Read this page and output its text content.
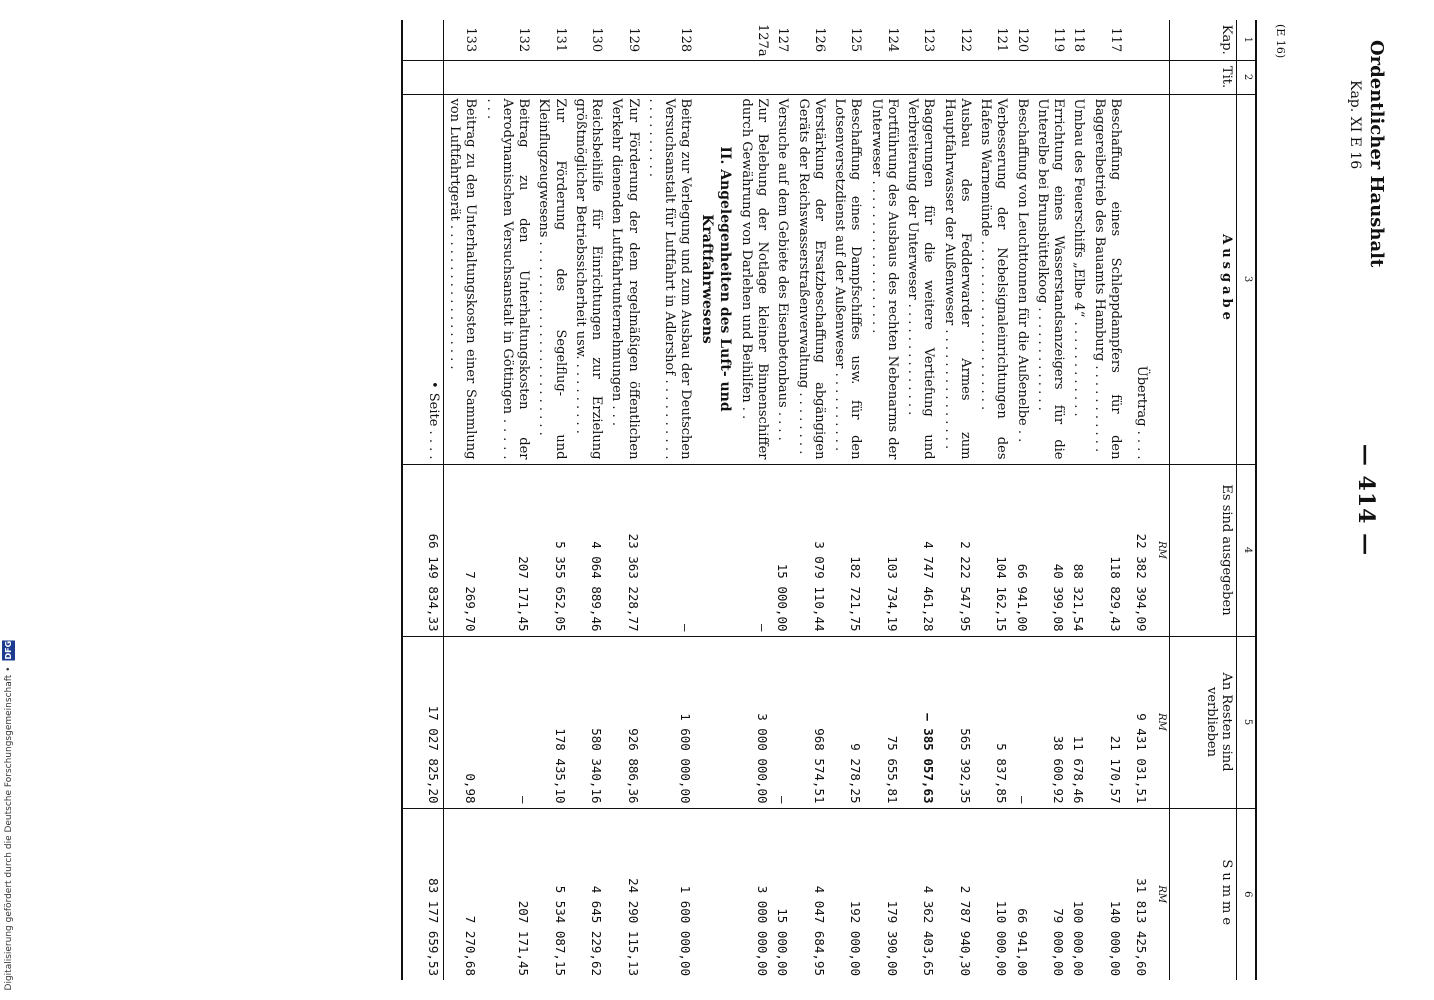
Ordentlicher Haushalt
Kap. XI E 16
— 414 —
(E 16)
1	2	3	4	5	6
Kap.	Tit.	Ausgabe	Es sind ausgegeben	An Resten sind verblieben	Summe
			RM	RM	RM
		Übertrag . . . .	22 382 394,09	9 431 031,51	31 813 425,60
117		Beschaffung eines Schleppdampfers für den Baggereibetrieb des Bauamts Hamburg . . . . . . . . . . .	118 829,43	21 170,57	140 000,00
118		Umbau des Feuerschiffs „Elbe 4“ . . . . . . . . . . . .	88 321,54	11 678,46	100 000,00
119		Errichtung eines Wasserstandsanzeigers für die Unterelbe bei Brunsbüttelkoog . . . . . . . . . . . . .	40 399,08	38 600,92	79 000,00
120		Beschaffung von Leuchttonnen für die Außenelbe . .	66 941,00	—	66 941,00
121		Verbesserung der Nebelsignaleinrichtungen des Hafens Warnemünde . . . . . . . . . . . . . . . . . . . . .	104 162,15	5 837,85	110 000,00
122		Ausbau des Fedderwarder Armes zum Hauptfahrwasser der Außenweser . . . . . . . . . . . . . . .	2 222 547,95	565 392,35	2 787 940,30
123		Baggerungen für die weitere Vertiefung und Verbreiterung der Unterweser . . . . . . . . . . . . . .	4 747 461,28	— 385 057,63	4 362 403,65
124		Fortführung des Ausbaus des rechten Nebenarms der Unterweser . . . . . . . . . . . . . . . . . . .	103 734,19	75 655,81	179 390,00
125		Beschaffung eines Dampfschiffes usw. für den Lotsenversetzdienst auf der Außenweser . . . . . . . . . .	182 721,75	9 278,25	192 000,00
126		Verstärkung der Ersatzbeschaffung abgängigen Geräts der Reichswasserstraßenverwaltung . . . . . . . .	3 079 110,44	968 574,51	4 047 684,95
127		Versuche auf dem Gebiete des Eisenbetonbaus . . . .	15 000,00	—	15 000,00
127a		Zur Belebung der Notlage kleiner Binnenschiffer durch Gewährung von Darlehen und Beihilfen . .	—	3 000 000,00	3 000 000,00
		II. Angelegenheiten des Luft- und Kraftfahrwesens			
128		Beitrag zur Verlegung und zum Ausbau der Deutschen Versuchsanstalt für Luftfahrt in Adlershof . . . . . . . . . . . . . . . . . . . .	—	1 600 000,00	1 600 000,00
129		Zur Förderung der dem regelmäßigen öffentlichen Verkehr dienenden Luftfahrtunternehmungen . . .	23 363 228,77	926 886,36	24 290 115,13
130		Reichsbeihilfe für Einrichtungen zur Erzielung größtmöglicher Betriebssicherheit usw. . . . . . . . . .	4 064 889,46	580 340,16	4 645 229,62
131		Zur Förderung des Segelflug- und Kleinflugzeugwesens . . . . . . . . . . . . . . . . . . . . . . . .	5 355 652,05	178 435,10	5 534 087,15
132		Beitrag zu den Unterhaltungskosten der Aerodynamischen Versuchsanstalt in Göttingen . . . . . . . .	207 171,45	—	207 171,45
133		Beitrag zu den Unterhaltungskosten einer Sammlung von Luftfahrtgerät . . . . . . . . . . . . . . . . . .	7 269,70	0,98	7 270,68
		• Seite . . . .	66 149 834,33	17 027 825,20	83 177 659,53
Digitalisierung gefördert durch die Deutsche Forschungsgemeinschaft • DFG
